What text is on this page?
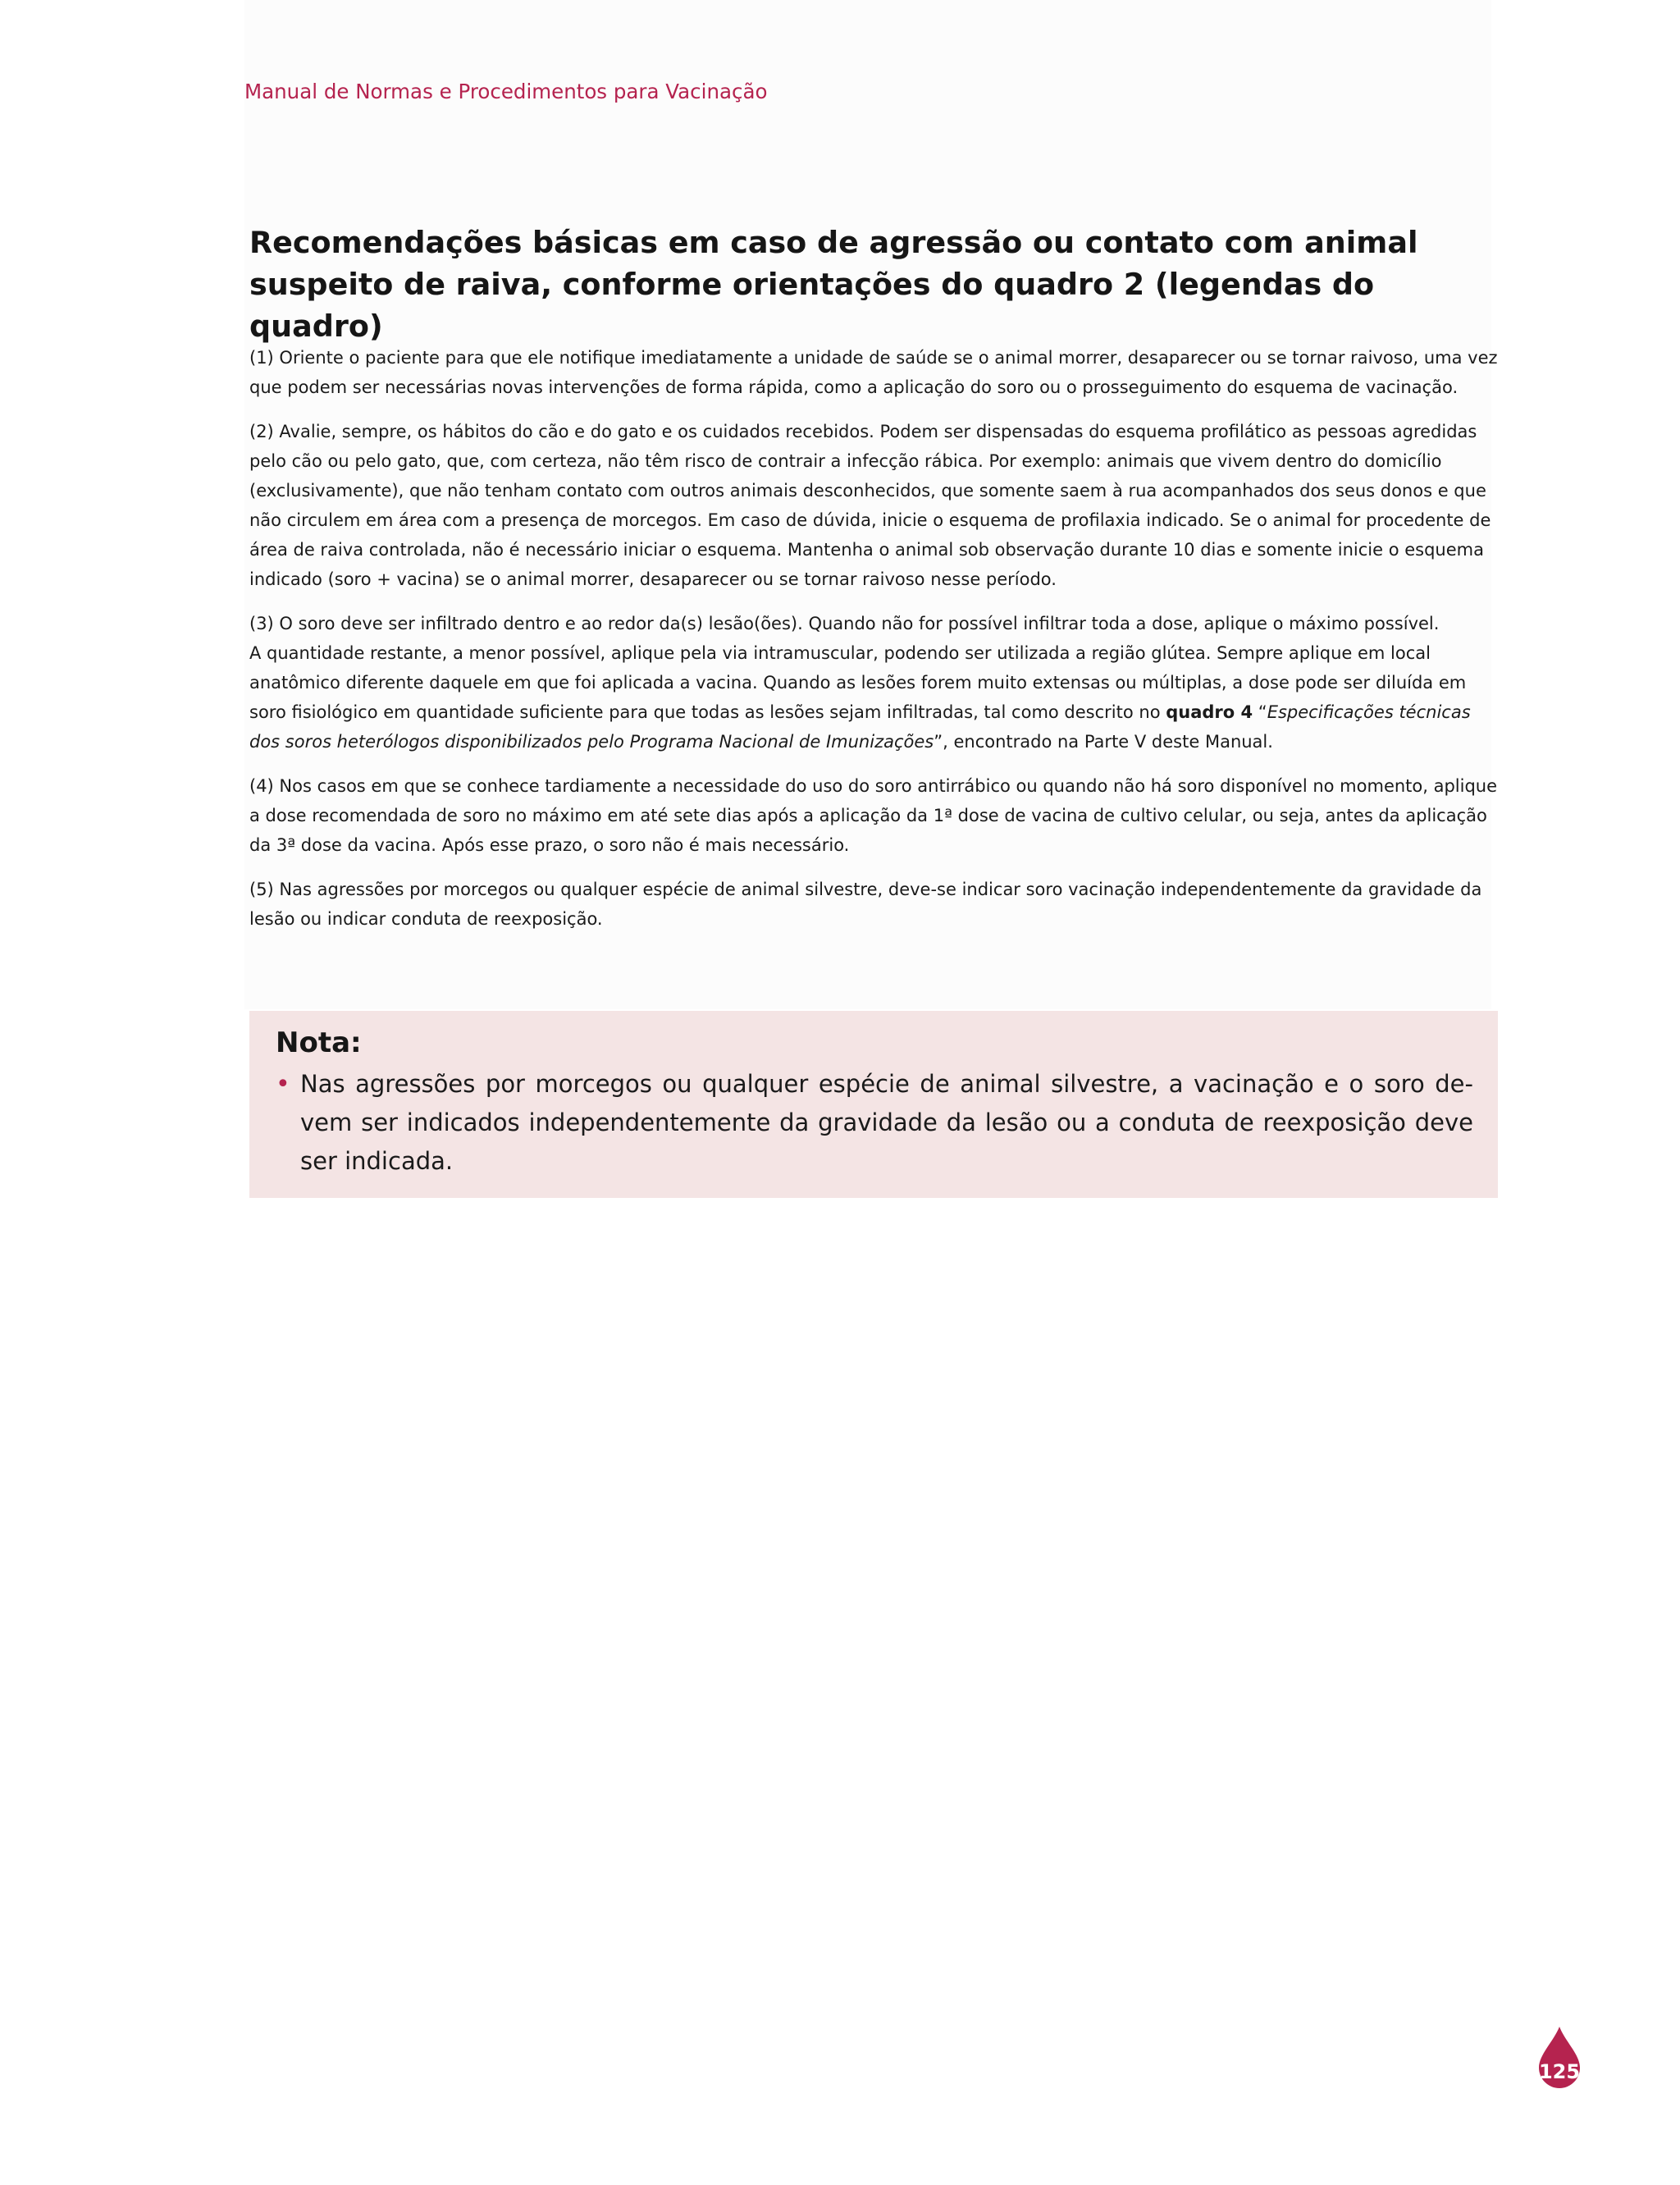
Manual de Normas e Procedimentos para Vacinação
Recomendações básicas em caso de agressão ou contato com animal suspeito de raiva, conforme orientações do quadro 2 (legendas do quadro)

(1) Oriente o paciente para que ele notifique imediatamente a unidade de saúde se o animal morrer, desaparecer ou se tornar raivoso, uma vez que podem ser necessárias novas intervenções de forma rápida, como a aplicação do soro ou o prosseguimento do esquema de vacinação.

(2) Avalie, sempre, os hábitos do cão e do gato e os cuidados recebidos. Podem ser dispensadas do esquema profilático as pessoas agredidas pelo cão ou pelo gato, que, com certeza, não têm risco de contrair a infecção rábica. Por exemplo: animais que vivem dentro do domicílio (exclusivamente), que não tenham contato com outros animais desconhecidos, que somente saem à rua acompanhados dos seus donos e que não circulem em área com a presença de morcegos. Em caso de dúvida, inicie o esquema de profilaxia indicado. Se o animal for procedente de área de raiva controlada, não é necessário iniciar o esquema. Mantenha o animal sob observação durante 10 dias e somente inicie o esquema indicado (soro + vacina) se o animal morrer, desaparecer ou se tornar raivoso nesse período.

(3) O soro deve ser infiltrado dentro e ao redor da(s) lesão(ões). Quando não for possível infiltrar toda a dose, aplique o máximo possível.
A quantidade restante, a menor possível, aplique pela via intramuscular, podendo ser utilizada a região glútea. Sempre aplique em local anatômico diferente daquele em que foi aplicada a vacina. Quando as lesões forem muito extensas ou múltiplas, a dose pode ser diluída em soro fisiológico em quantidade suficiente para que todas as lesões sejam infiltradas, tal como descrito no quadro 4 “Especificações técnicas dos soros heterólogos disponibilizados pelo Programa Nacional de Imunizações”, encontrado na Parte V deste Manual.

(4) Nos casos em que se conhece tardiamente a necessidade do uso do soro antirrábico ou quando não há soro disponível no momento, aplique a dose recomendada de soro no máximo em até sete dias após a aplicação da 1ª dose de vacina de cultivo celular, ou seja, antes da aplicação da 3ª dose da vacina. Após esse prazo, o soro não é mais necessário.

(5) Nas agressões por morcegos ou qualquer espécie de animal silvestre, deve-se indicar soro vacinação independentemente da gravidade da lesão ou indicar conduta de reexposição.

Nota:
• Nas agressões por morcegos ou qualquer espécie de animal silvestre, a vacinação e o soro devem ser indicados independentemente da gravidade da lesão ou a conduta de reexposição deve ser indicada.
125
